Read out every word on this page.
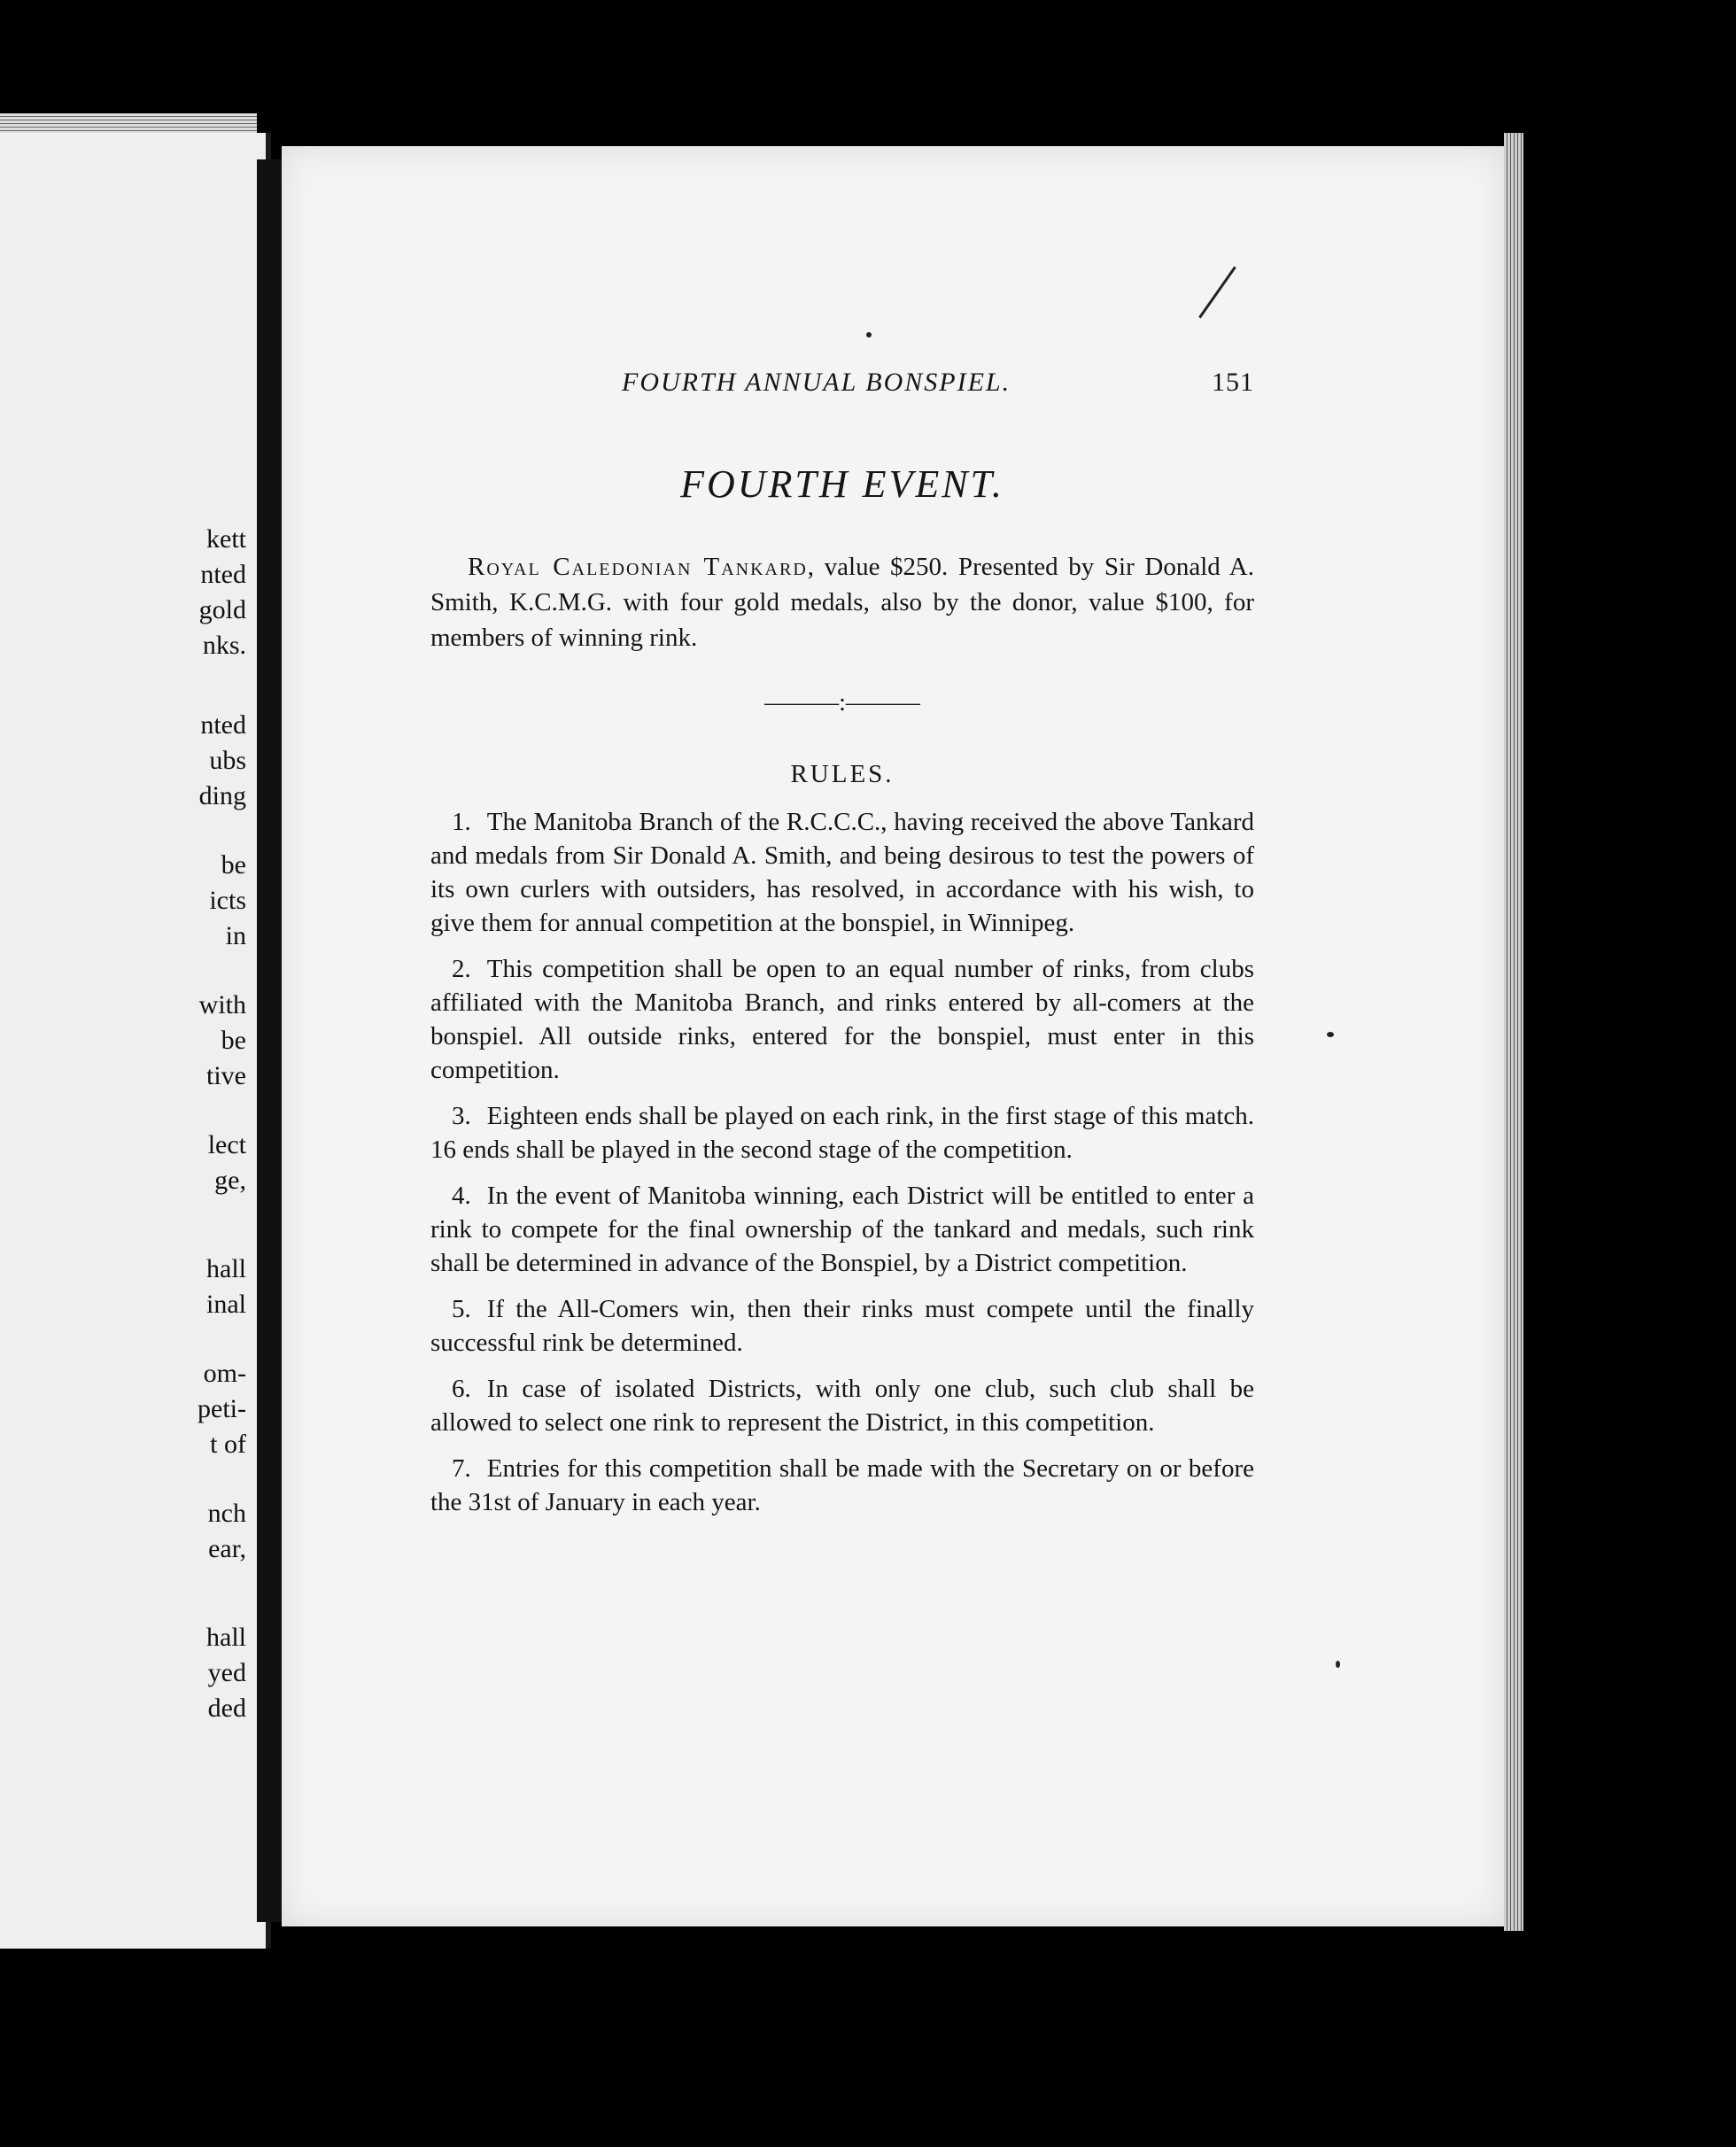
kett
nted
gold
nks.
nted
ubs
ding
be
icts
in
with
be
tive
lect
ge,
hall
inal
om-
peti-
t of
nch
ear,
hall
yed
ded
FOURTH ANNUAL BONSPIEL.	151
FOURTH EVENT.

Royal Caledonian Tankard, value $250. Presented by Sir Donald A. Smith, K.C.M.G. with four gold medals, also by the donor, value $100, for members of winning rink.

———:———
RULES.

1. The Manitoba Branch of the R.C.C.C., having received the above Tankard and medals from Sir Donald A. Smith, and being desirous to test the powers of its own curlers with outsiders, has resolved, in accordance with his wish, to give them for annual competition at the bonspiel, in Winnipeg.

2. This competition shall be open to an equal number of rinks, from clubs affiliated with the Manitoba Branch, and rinks entered by all-comers at the bonspiel. All outside rinks, entered for the bonspiel, must enter in this competition.

3. Eighteen ends shall be played on each rink, in the first stage of this match. 16 ends shall be played in the second stage of the competition.

4. In the event of Manitoba winning, each District will be entitled to enter a rink to compete for the final ownership of the tankard and medals, such rink shall be determined in advance of the Bonspiel, by a District competition.

5. If the All-Comers win, then their rinks must compete until the finally successful rink be determined.

6. In case of isolated Districts, with only one club, such club shall be allowed to select one rink to represent the District, in this competition.

7. Entries for this competition shall be made with the Secretary on or before the 31st of January in each year.
